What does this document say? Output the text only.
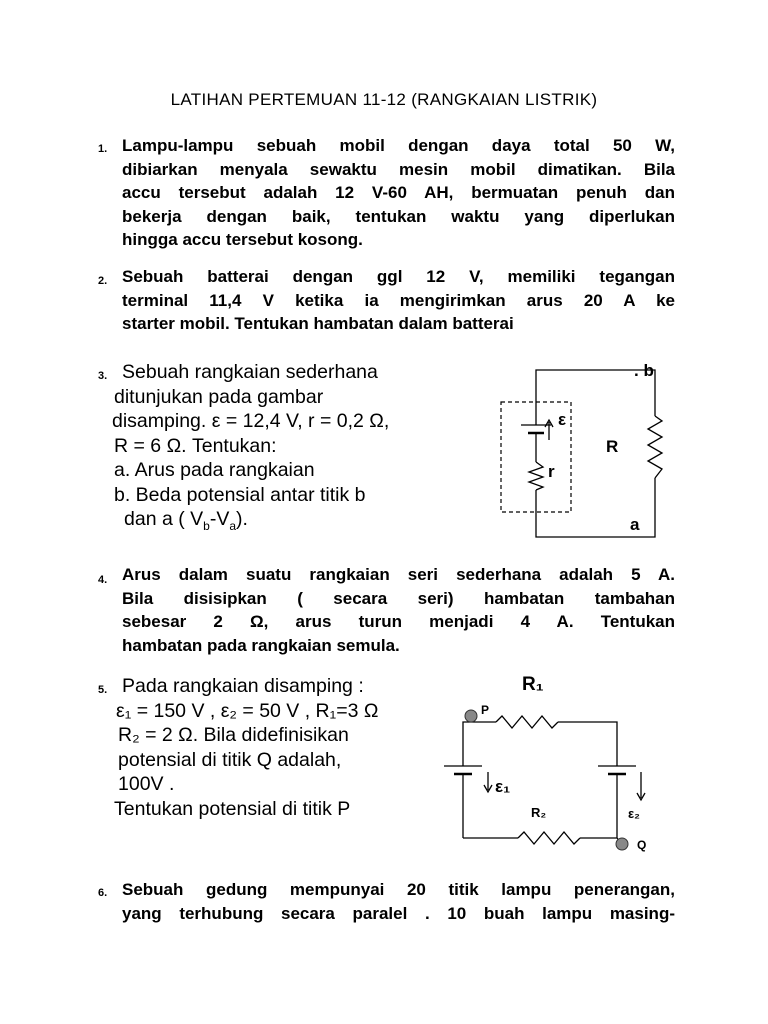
LATIHAN PERTEMUAN 11-12 (RANGKAIAN LISTRIK)
1. Lampu-lampu sebuah mobil dengan daya total 50 W,
dibiarkan menyala sewaktu mesin mobil dimatikan. Bila
accu tersebut adalah 12 V-60 AH, bermuatan penuh dan
bekerja dengan baik, tentukan waktu yang diperlukan
hingga accu tersebut kosong.
2. Sebuah batterai dengan ggl 12 V, memiliki tegangan
terminal 11,4 V ketika ia mengirimkan arus 20 A ke
starter mobil. Tentukan hambatan dalam batterai
3. Sebuah rangkaian sederhana
ditunjukan pada gambar
disamping. ε = 12,4 V, r = 0,2 Ω,
R = 6 Ω. Tentukan:
a. Arus pada rangkaian
b. Beda potensial antar titik b
dan a ( $V_b-V_a$).
. b
ε
R
r
a
4. Arus dalam suatu rangkaian seri sederhana adalah 5 A.
Bila disisipkan ( secara seri) hambatan tambahan
sebesar 2 Ω, arus turun menjadi 4 A. Tentukan
hambatan pada rangkaian semula.
5. Pada rangkaian disamping :
ε₁ = 150 V , ε₂ = 50 V , R₁=3 Ω
R₂ = 2 Ω. Bila didefinisikan
potensial di titik Q adalah,
100V .
Tentukan potensial di titik P
R₁
P
ε₁
R₂	ε₂
Q
6. Sebuah gedung mempunyai 20 titik lampu penerangan,
yang terhubung secara paralel . 10 buah lampu masing-
